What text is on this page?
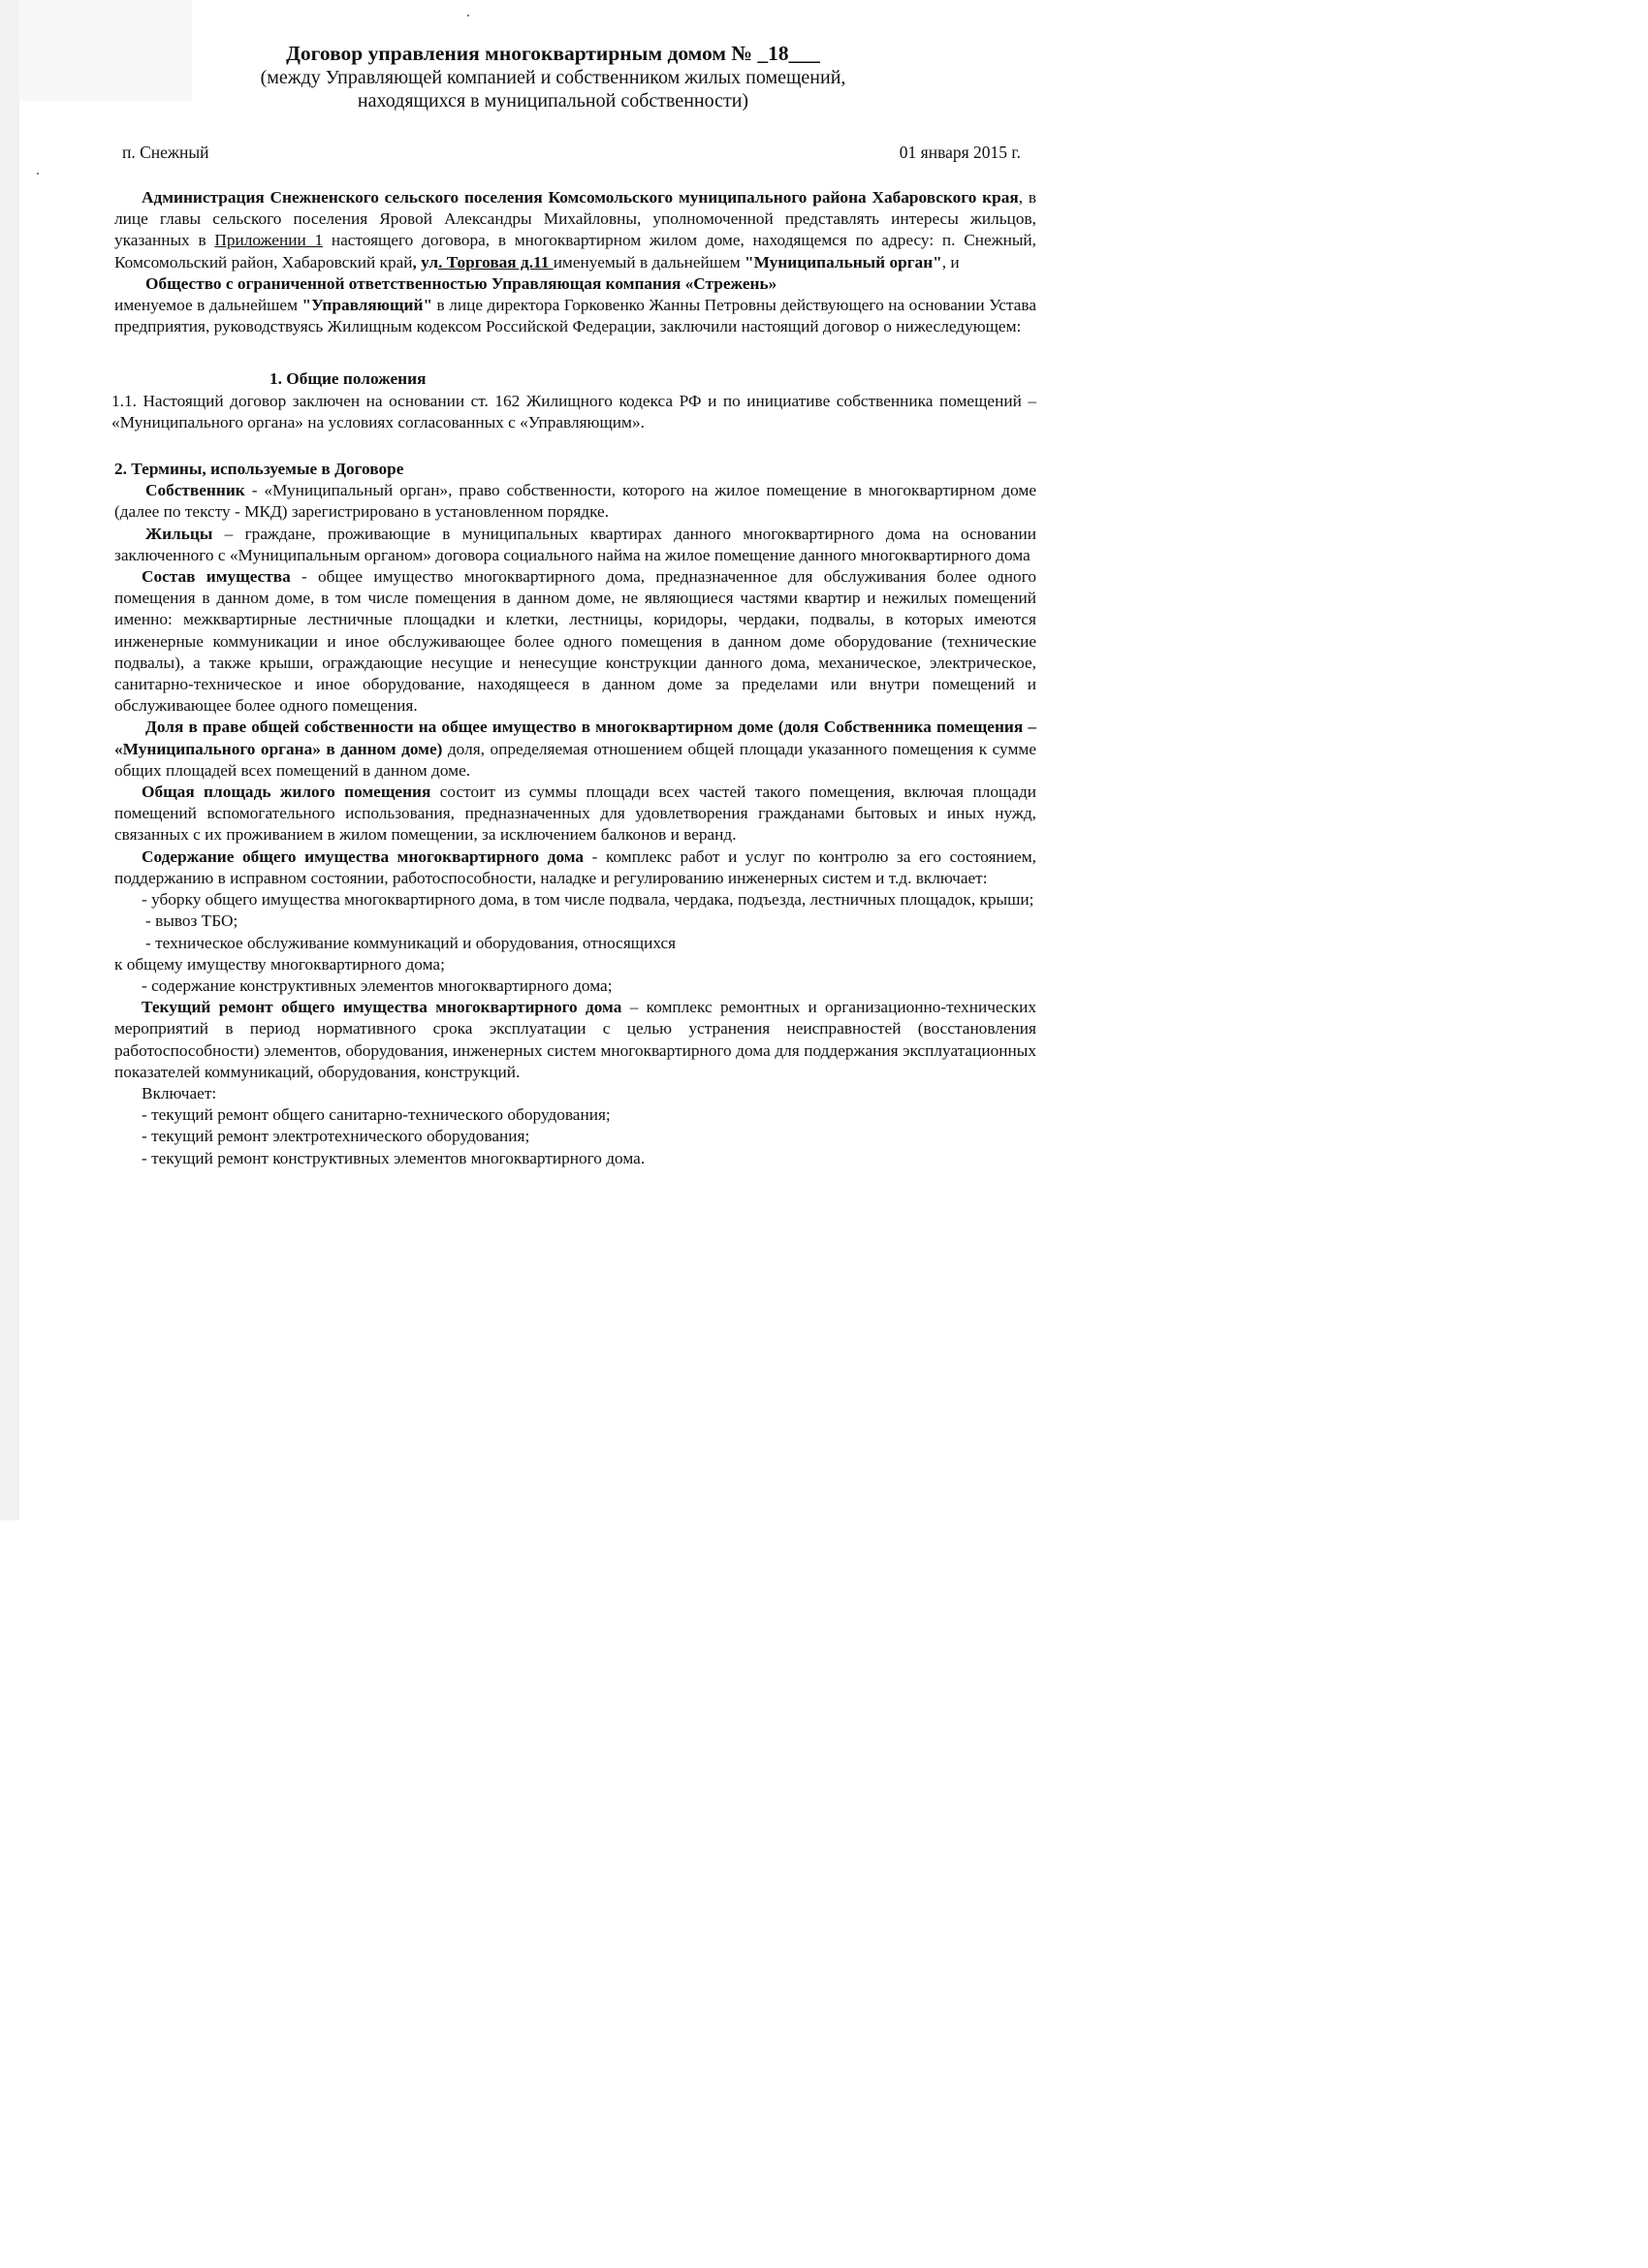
Договор управления многоквартирным домом № _18___
(между Управляющей компанией и собственником жилых помещений,
находящихся в муниципальной собственности)
п. Снежный	01 января 2015 г.

Администрация Снежненского сельского поселения Комсомольского муниципального района Хабаровского края, в лице главы сельского поселения Яровой Александры Михайловны, уполномоченной представлять интересы жильцов, указанных в Приложении 1 настоящего договора, в многоквартирном жилом доме, находящемся по адресу: п. Снежный, Комсомольский район, Хабаровский край, ул. Торговая д.11 именуемый в дальнейшем "Муниципальный орган", и

Общество с ограниченной ответственностью Управляющая компания «Стрежень»

именуемое в дальнейшем "Управляющий" в лице директора Горковенко Жанны Петровны действующего на основании Устава предприятия, руководствуясь Жилищным кодексом Российской Федерации, заключили настоящий договор о нижеследующем:

1. Общие положения

1.1. Настоящий договор заключен на основании ст. 162 Жилищного кодекса РФ и по инициативе собственника помещений – «Муниципального органа» на условиях согласованных с «Управляющим».

2. Термины, используемые в Договоре

Собственник - «Муниципальный орган», право собственности, которого на жилое помещение в многоквартирном доме (далее по тексту - МКД) зарегистрировано в установленном порядке.

Жильцы – граждане, проживающие в муниципальных квартирах данного многоквартирного дома на основании заключенного с «Муниципальным органом» договора социального найма на жилое помещение данного многоквартирного дома

Состав имущества - общее имущество многоквартирного дома, предназначенное для обслуживания более одного помещения в данном доме, в том числе помещения в данном доме, не являющиеся частями квартир и нежилых помещений именно: межквартирные лестничные площадки и клетки, лестницы, коридоры, чердаки, подвалы, в которых имеются инженерные коммуникации и иное обслуживающее более одного помещения в данном доме оборудование (технические подвалы), а также крыши, ограждающие несущие и ненесущие конструкции данного дома, механическое, электрическое, санитарно-техническое и иное оборудование, находящееся в данном доме за пределами или внутри помещений и обслуживающее более одного помещения.

Доля в праве общей собственности на общее имущество в многоквартирном доме (доля Собственника помещения – «Муниципального органа» в данном доме) доля, определяемая отношением общей площади указанного помещения к сумме общих площадей всех помещений в данном доме.

Общая площадь жилого помещения состоит из суммы площади всех частей такого помещения, включая площади помещений вспомогательного использования, предназначенных для удовлетворения гражданами бытовых и иных нужд, связанных с их проживанием в жилом помещении, за исключением балконов и веранд.

Содержание общего имущества многоквартирного дома - комплекс работ и услуг по контролю за его состоянием, поддержанию в исправном состоянии, работоспособности, наладке и регулированию инженерных систем и т.д. включает:

- уборку общего имущества многоквартирного дома, в том числе подвала, чердака, подъезда, лестничных площадок, крыши;

- вывоз ТБО;

- техническое обслуживание коммуникаций и оборудования, относящихся

к общему имуществу многоквартирного дома;

- содержание конструктивных элементов многоквартирного дома;

Текущий ремонт общего имущества многоквартирного дома – комплекс ремонтных и организационно-технических мероприятий в период нормативного срока эксплуатации с целью устранения неисправностей (восстановления работоспособности) элементов, оборудования, инженерных систем многоквартирного дома для поддержания эксплуатационных показателей коммуникаций, оборудования, конструкций.

Включает:

- текущий ремонт общего санитарно-технического оборудования;

- текущий ремонт электротехнического оборудования;

- текущий ремонт конструктивных элементов многоквартирного дома.
